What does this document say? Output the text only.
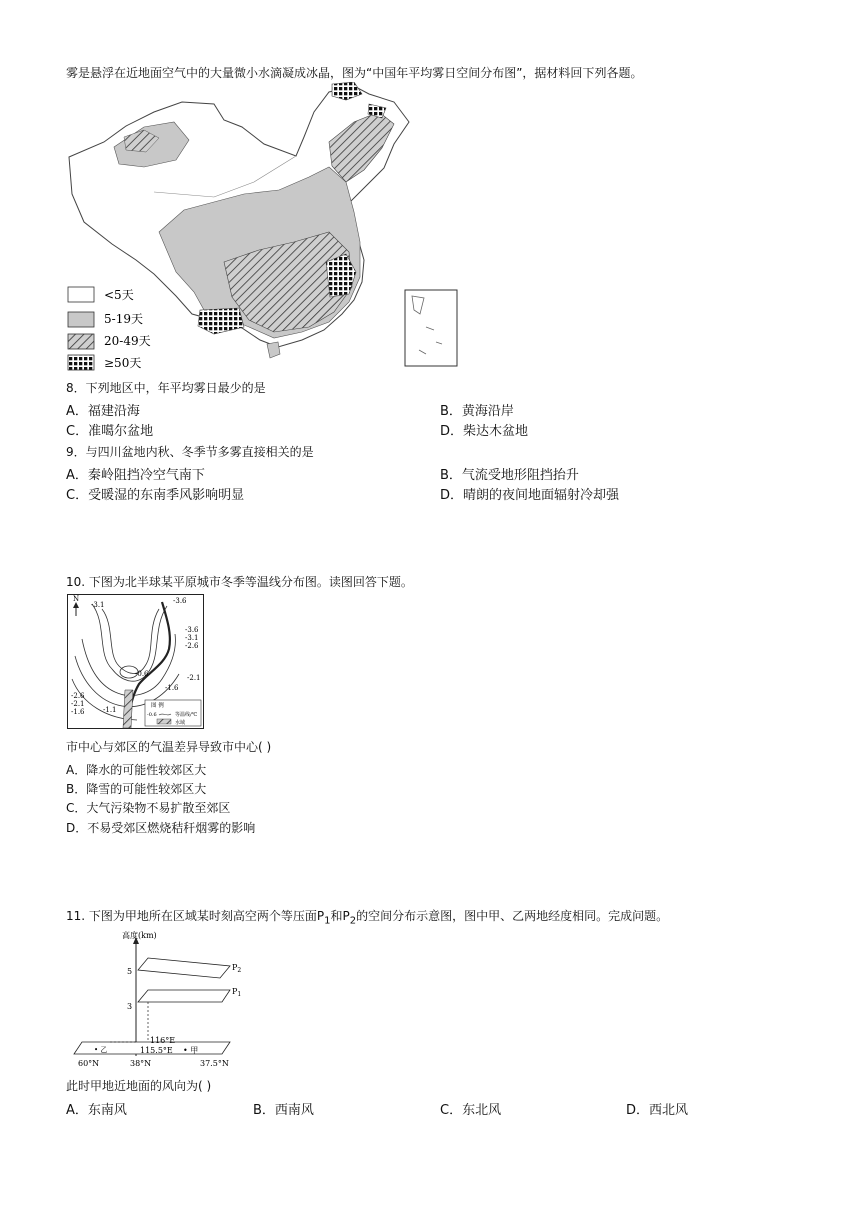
雾是悬浮在近地面空气中的大量微小水滴凝成冰晶，图为“中国年平均雾日空间分布图”，据材料回下列各题。
<5天
5-19天
20-49天
≥50天
8．下列地区中，年平均雾日最少的是
A．福建沿海	B．黄海沿岸
C．准噶尔盆地	D．柴达木盆地
9．与四川盆地内秋、冬季节多雾直接相关的是
A．秦岭阻挡冷空气南下	B．气流受地形阻挡抬升
C．受暖湿的东南季风影响明显	D．晴朗的夜间地面辐射冷却强
10. 下图为北半球某平原城市冬季等温线分布图。读图回答下题。
N
-3.1	-3.6
-3.6
-3.1
-2.6
-0.6
-1.6
-2.1
-2.6
-2.1
-1.6	-1.1	图 例
-0.6	等温线/℃
水域
市中心与郊区的气温差异导致市中心( )
A．降水的可能性较郊区大
B．降雪的可能性较郊区大
C．大气污染物不易扩散至郊区
D．不易受郊区燃烧秸秆烟雾的影响
11. 下图为甲地所在区域某时刻高空两个等压面$P_1$和$P_2$的空间分布示意图，图中甲、乙两地经度相同。完成问题。
高度(km)
5
3
$P_2$
$P_1$
116°E
115.5°E • 甲
• 乙
60°N	38°N	37.5°N
此时甲地近地面的风向为( )
A．东南风	B．西南风	C．东北风	D．西北风
